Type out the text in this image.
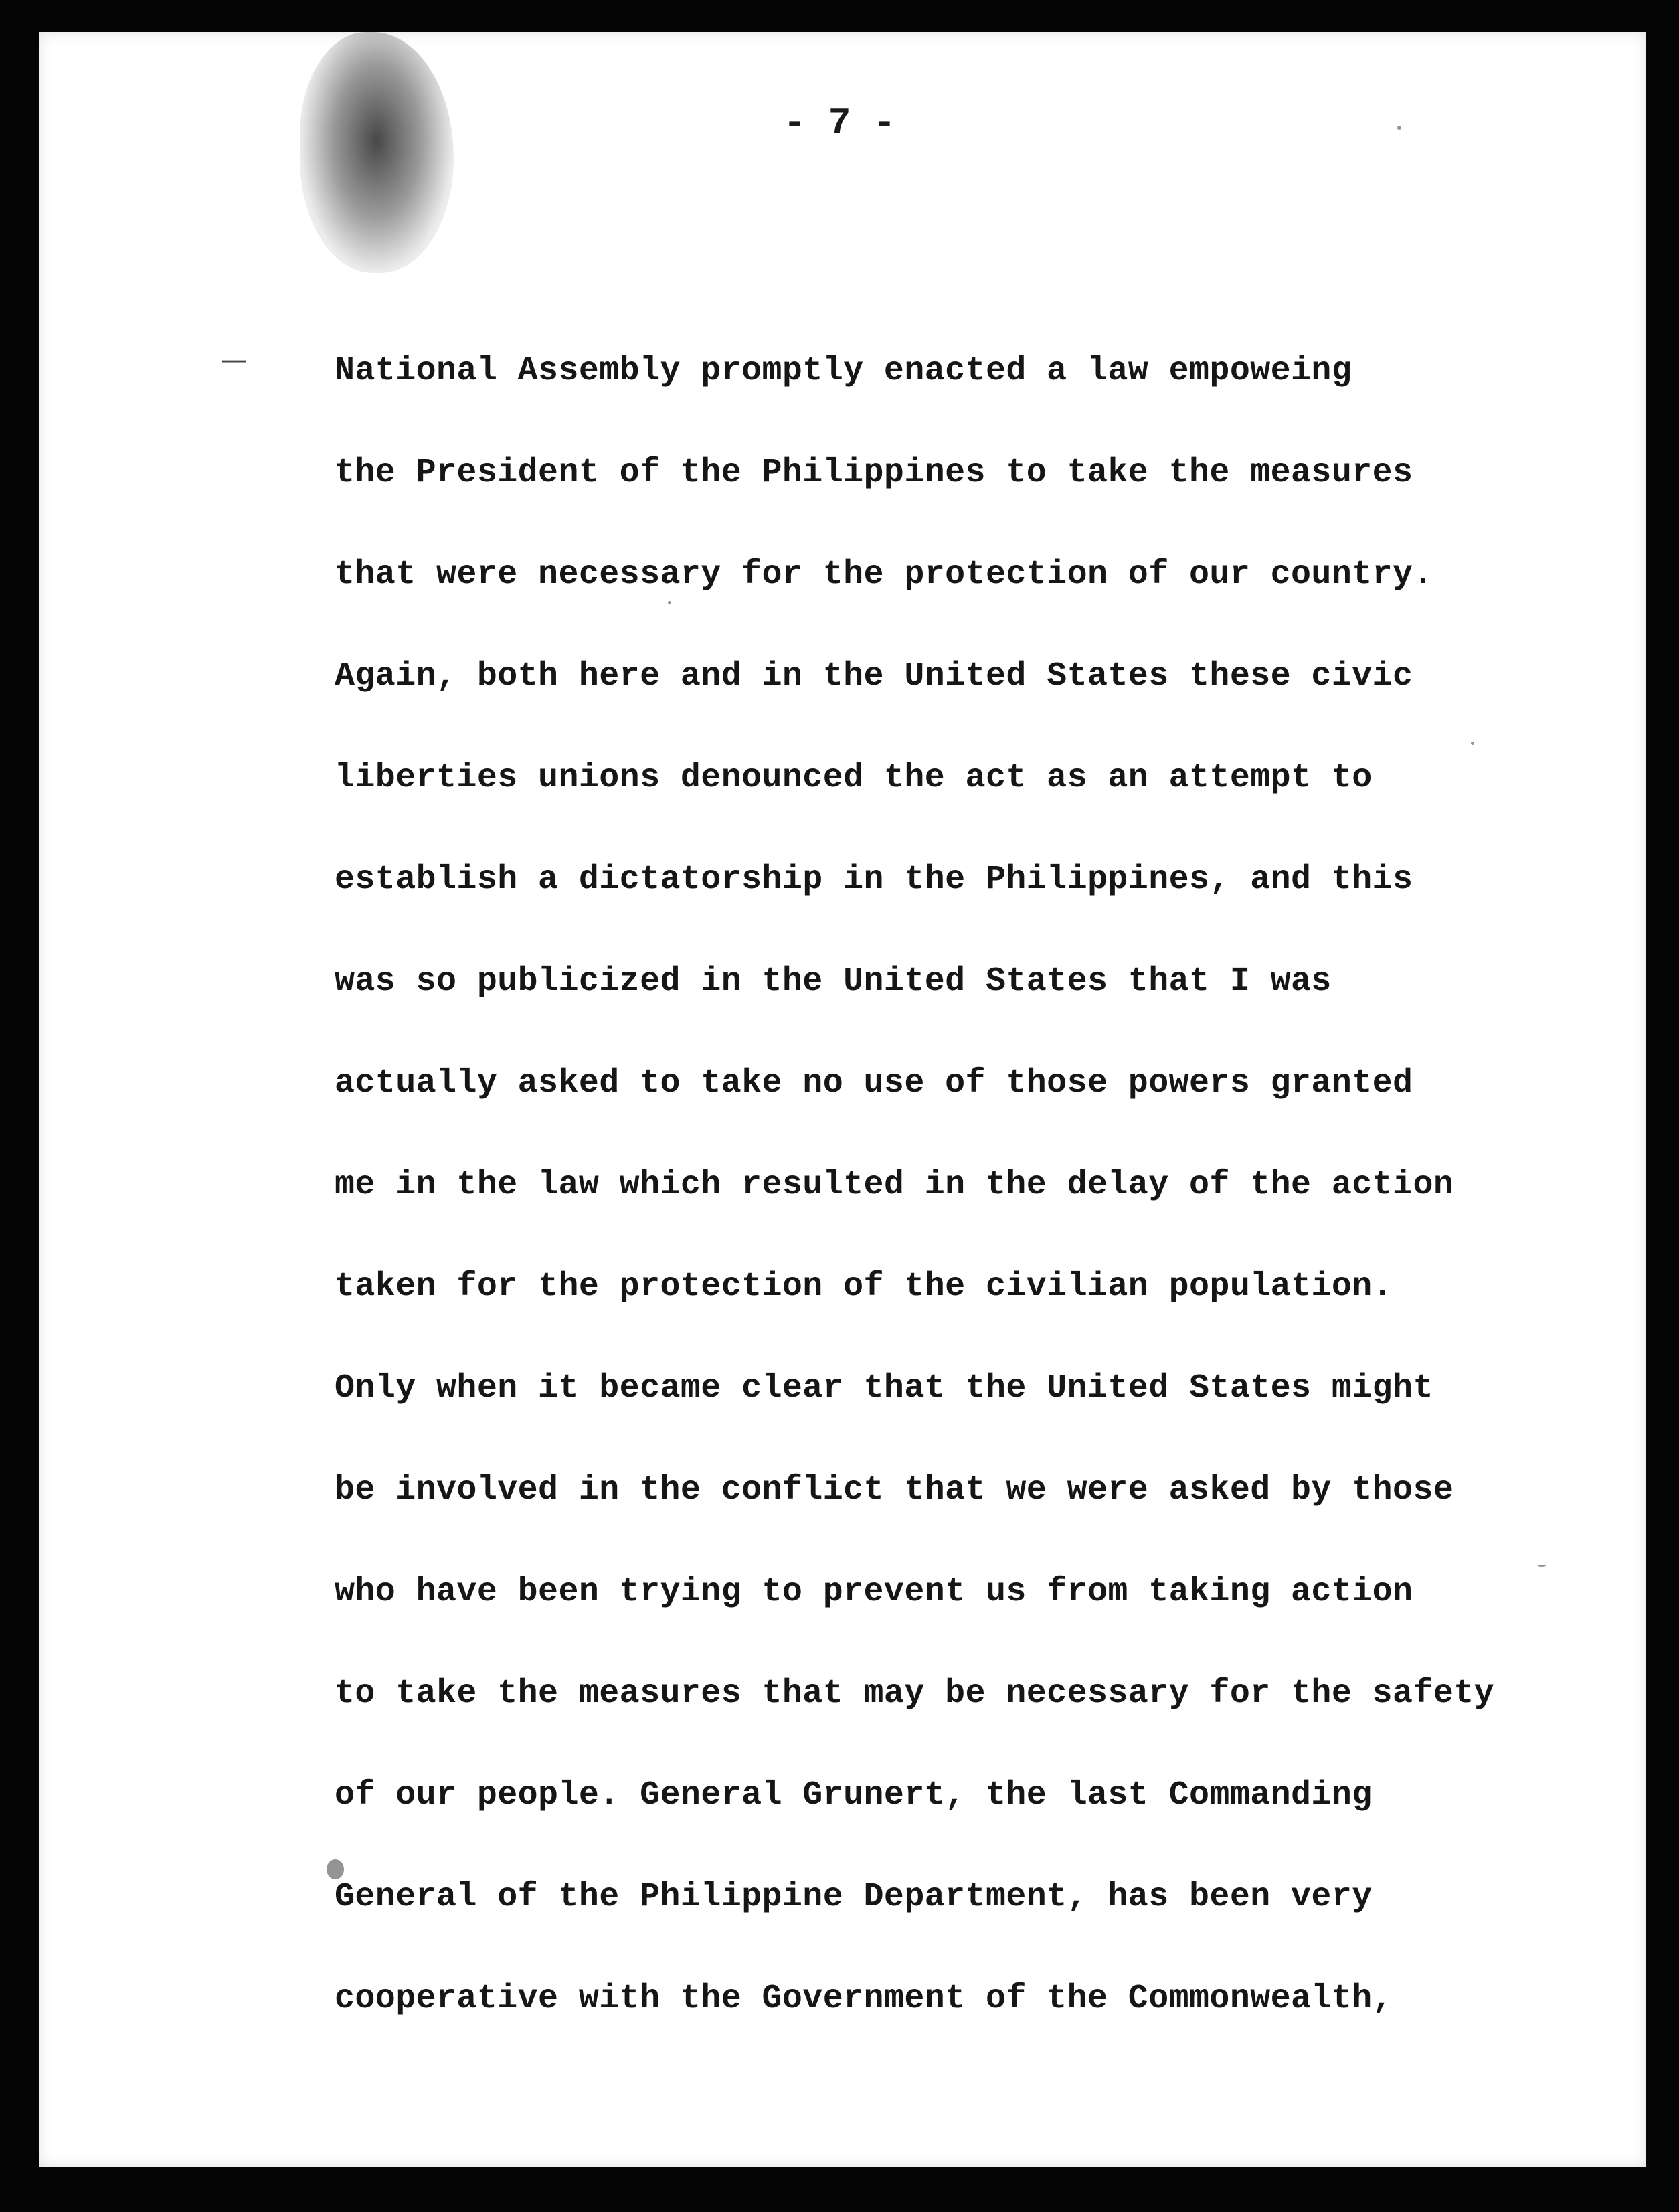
- 7 -
—	National Assembly promptly enacted a law empoweing
the President of the Philippines to take the measures
that were necessary for the protection of our country.
Again, both here and in the United States these civic
liberties unions denounced the act as an attempt to
establish a dictatorship in the Philippines, and this
was so publicized in the United States that I was
actually asked to take no use of those powers granted
me in the law which resulted in the delay of the action
taken for the protection of the civilian population.
Only when it became clear that the United States might
be involved in the conflict that we were asked by those
who have been trying to prevent us from taking action
to take the measures that may be necessary for the safety
of our people. General Grunert, the last Commanding
General of the Philippine Department, has been very
cooperative with the Government of the Commonwealth,
